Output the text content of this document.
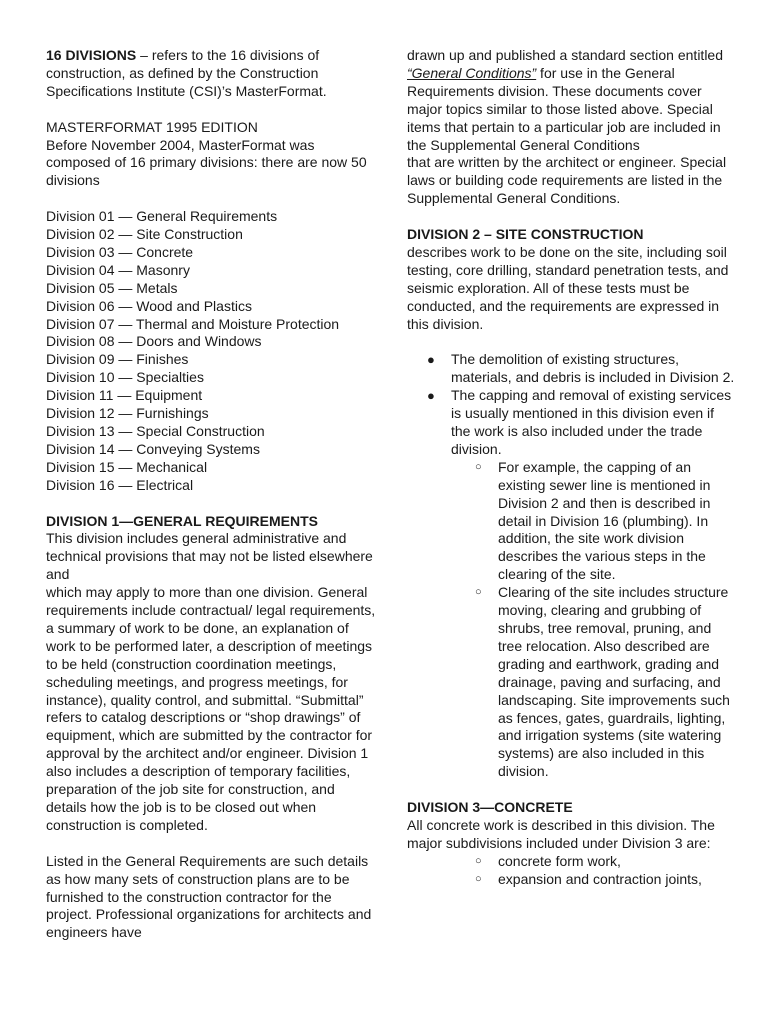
16 DIVISIONS – refers to the 16 divisions of construction, as defined by the Construction Specifications Institute (CSI)’s MasterFormat.

MASTERFORMAT 1995 EDITION

Before November 2004, MasterFormat was composed of 16 primary divisions: there are now 50 divisions

Division 01 — General Requirements

Division 02 — Site Construction

Division 03 — Concrete

Division 04 — Masonry

Division 05 — Metals

Division 06 — Wood and Plastics

Division 07 — Thermal and Moisture Protection

Division 08 — Doors and Windows

Division 09 — Finishes

Division 10 — Specialties

Division 11 — Equipment

Division 12 — Furnishings

Division 13 — Special Construction

Division 14 — Conveying Systems

Division 15 — Mechanical

Division 16 — Electrical

DIVISION 1—GENERAL REQUIREMENTS

This division includes general administrative and technical provisions that may not be listed elsewhere and

which may apply to more than one division. General requirements include contractual/ legal requirements, a summary of work to be done, an explanation of work to be performed later, a description of meetings to be held (construction coordination meetings, scheduling meetings, and progress meetings, for instance), quality control, and submittal. “Submittal” refers to catalog descriptions or “shop drawings” of equipment, which are submitted by the contractor for approval by the architect and/or engineer. Division 1 also includes a description of temporary facilities, preparation of the job site for construction, and details how the job is to be closed out when construction is completed.

Listed in the General Requirements are such details as how many sets of construction plans are to be furnished to the construction contractor for the project. Professional organizations for architects and engineers have

drawn up and published a standard section entitled “General Conditions” for use in the General Requirements division. These documents cover major topics similar to those listed above. Special items that pertain to a particular job are included in the Supplemental General Conditions

that are written by the architect or engineer. Special laws or building code requirements are listed in the Supplemental General Conditions.

DIVISION 2 – SITE CONSTRUCTION

describes work to be done on the site, including soil testing, core drilling, standard penetration tests, and seismic exploration. All of these tests must be conducted, and the requirements are expressed in this division.

● The demolition of existing structures, materials, and debris is included in Division 2.
● The capping and removal of existing services is usually mentioned in this division even if the work is also included under the trade division.
○ For example, the capping of an existing sewer line is mentioned in Division 2 and then is described in detail in Division 16 (plumbing). In addition, the site work division describes the various steps in the clearing of the site.
○ Clearing of the site includes structure moving, clearing and grubbing of shrubs, tree removal, pruning, and tree relocation. Also described are grading and earthwork, grading and drainage, paving and surfacing, and landscaping. Site improvements such as fences, gates, guardrails, lighting, and irrigation systems (site watering systems) are also included in this division.

DIVISION 3—CONCRETE

All concrete work is described in this division. The major subdivisions included under Division 3 are:

○ concrete form work,
○ expansion and contraction joints,
